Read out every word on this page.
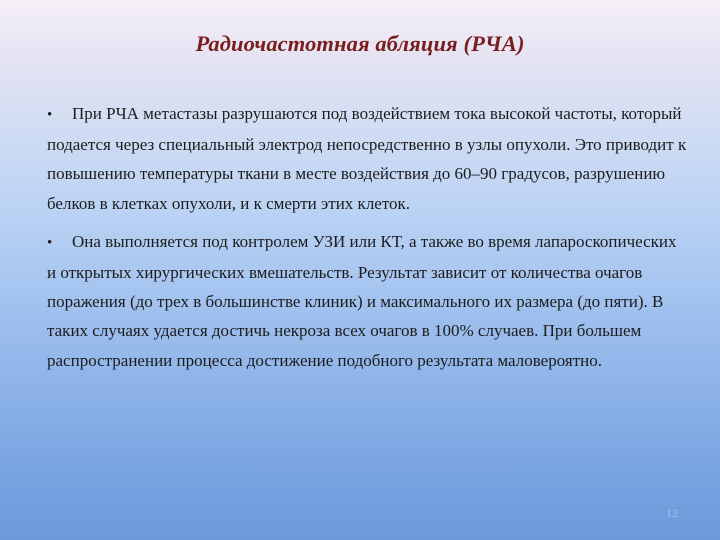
Радиочастотная абляция (РЧА)

• При РЧА метастазы разрушаются под воздействием тока высокой частоты, который подается через специальный электрод непосредственно в узлы опухоли. Это приводит к повышению температуры ткани в месте воздействия до 60–90 градусов, разрушению белков в клетках опухоли, и к смерти этих клеток.

• Она выполняется под контролем УЗИ или КТ, а также во время лапароскопических и открытых хирургических вмешательств. Результат зависит от количества очагов поражения (до трех в большинстве клиник) и максимального их размера (до пяти). В таких случаях удается достичь некроза всех очагов в 100% случаев. При большем распространении процесса достижение подобного результата маловероятно.

12
